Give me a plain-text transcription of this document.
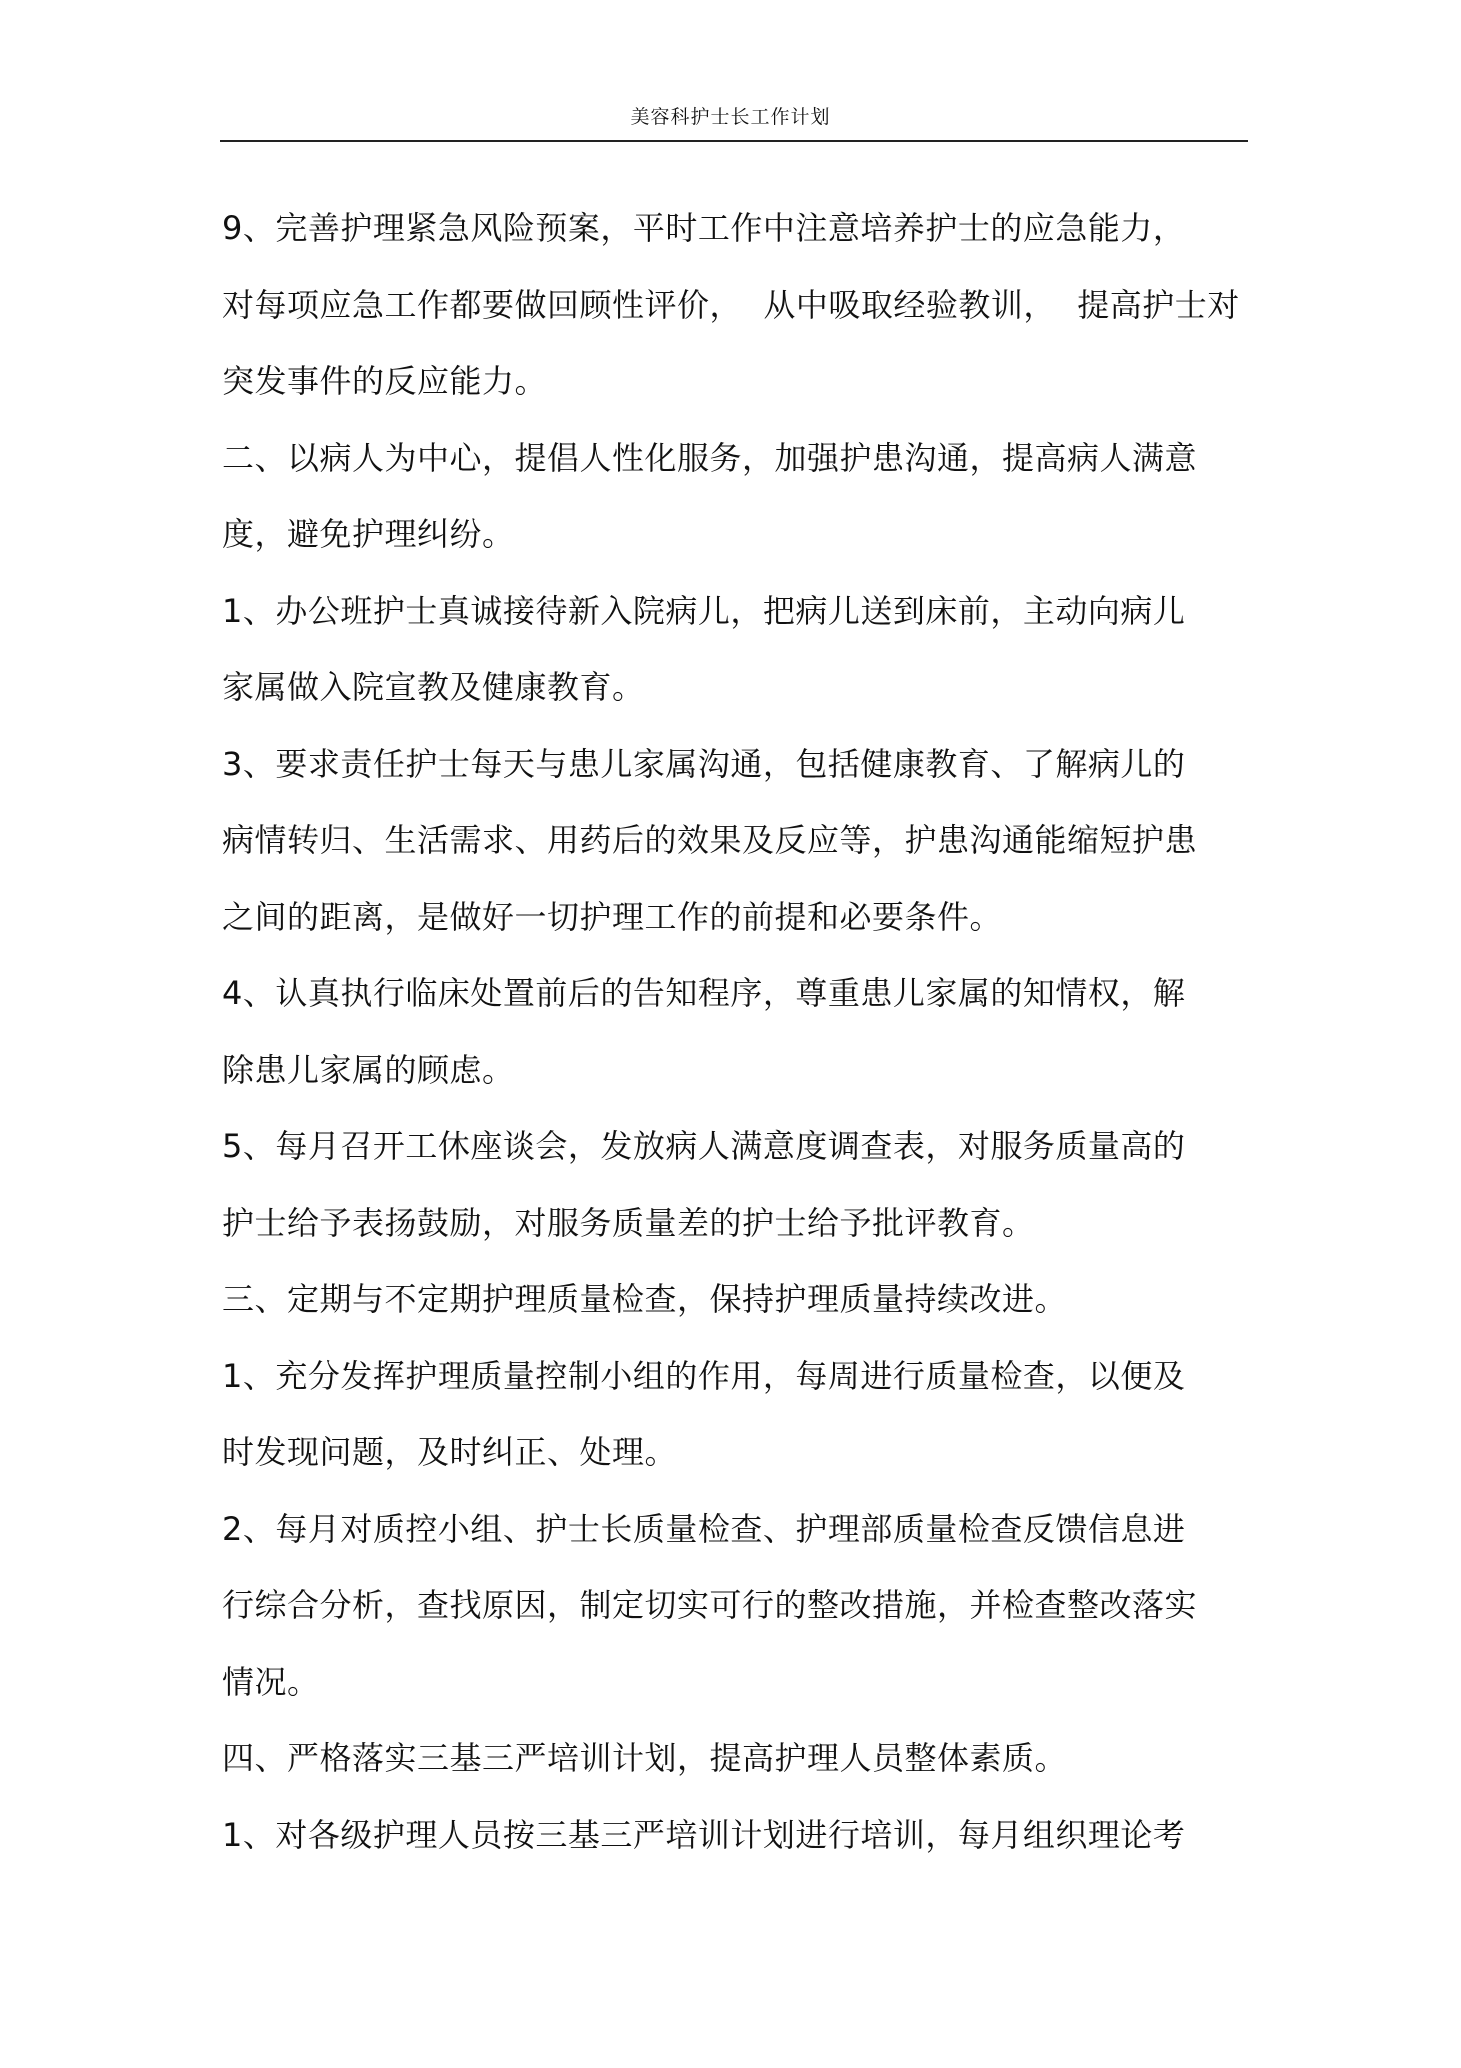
美容科护士长工作计划
9、完善护理紧急风险预案，平时工作中注意培养护士的应急能力，
对每项应急工作都要做回顾性评价，  从中吸取经验教训，  提高护士对
突发事件的反应能力。
二、以病人为中心，提倡人性化服务，加强护患沟通，提高病人满意
度，避免护理纠纷。
1、办公班护士真诚接待新入院病儿，把病儿送到床前，主动向病儿
家属做入院宣教及健康教育。
3、要求责任护士每天与患儿家属沟通，包括健康教育、了解病儿的
病情转归、生活需求、用药后的效果及反应等，护患沟通能缩短护患
之间的距离，是做好一切护理工作的前提和必要条件。
4、认真执行临床处置前后的告知程序，尊重患儿家属的知情权，解
除患儿家属的顾虑。
5、每月召开工休座谈会，发放病人满意度调查表，对服务质量高的
护士给予表扬鼓励，对服务质量差的护士给予批评教育。
三、定期与不定期护理质量检查，保持护理质量持续改进。
1、充分发挥护理质量控制小组的作用，每周进行质量检查，以便及
时发现问题，及时纠正、处理。
2、每月对质控小组、护士长质量检查、护理部质量检查反馈信息进
行综合分析，查找原因，制定切实可行的整改措施，并检查整改落实
情况。
四、严格落实三基三严培训计划，提高护理人员整体素质。
1、对各级护理人员按三基三严培训计划进行培训，每月组织理论考
